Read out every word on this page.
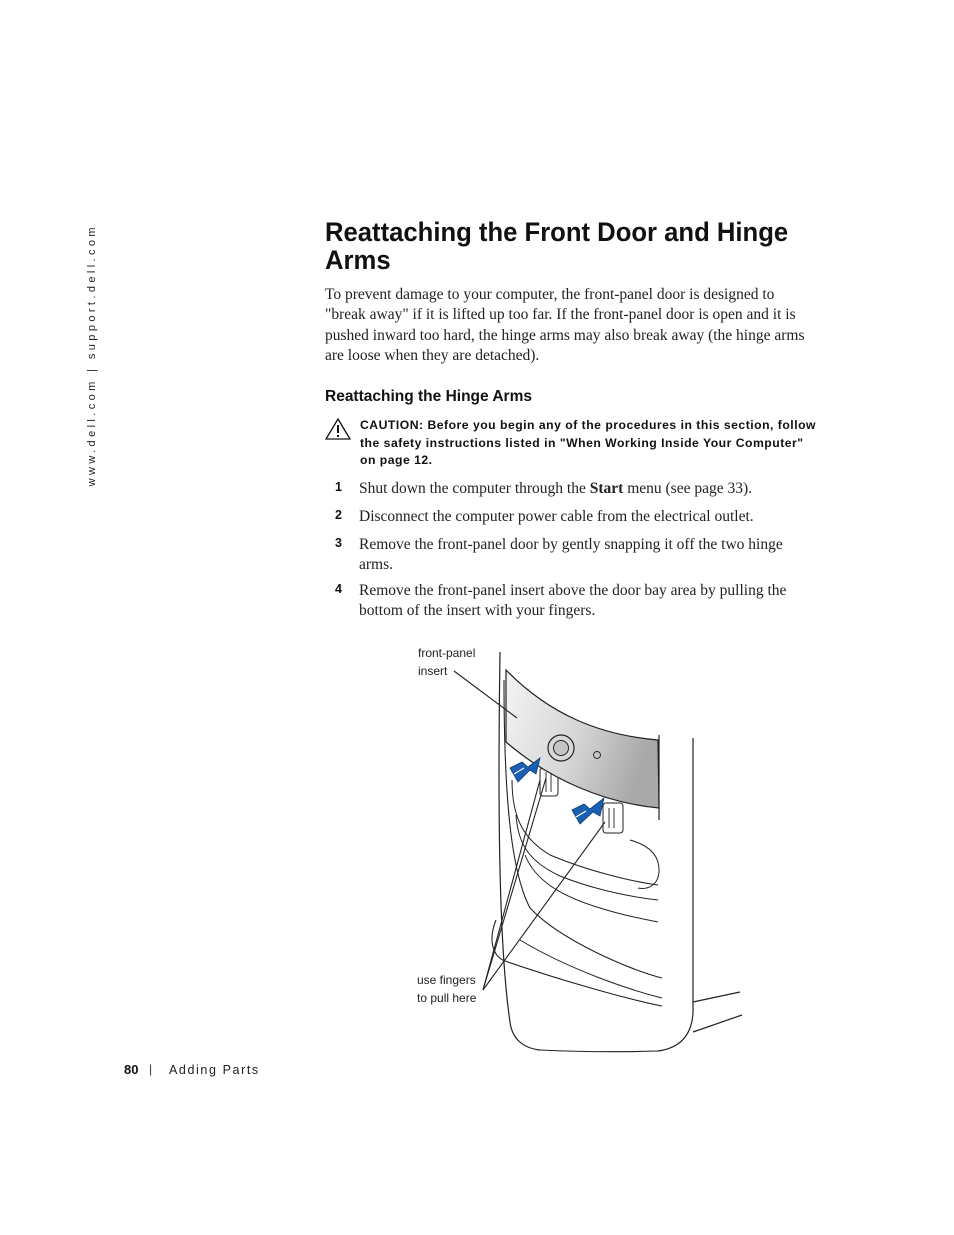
www.dell.com | support.dell.com	Reattaching the Front Door and Hinge Arms

To prevent damage to your computer, the front-panel door is designed to "break away" if it is lifted up too far. If the front-panel door is open and it is pushed inward too hard, the hinge arms may also break away (the hinge arms are loose when they are detached).

Reattaching the Hinge Arms

CAUTION: Before you begin any of the procedures in this section, follow the safety instructions listed in "When Working Inside Your Computer" on page 12.

1 Shut down the computer through the Start menu (see page 33).
2 Disconnect the computer power cable from the electrical outlet.
3 Remove the front-panel door by gently snapping it off the two hinge arms.
4 Remove the front-panel insert above the door bay area by pulling the bottom of the insert with your fingers.
front-panel
insert
use fingers
to pull here
80 | Adding Parts
